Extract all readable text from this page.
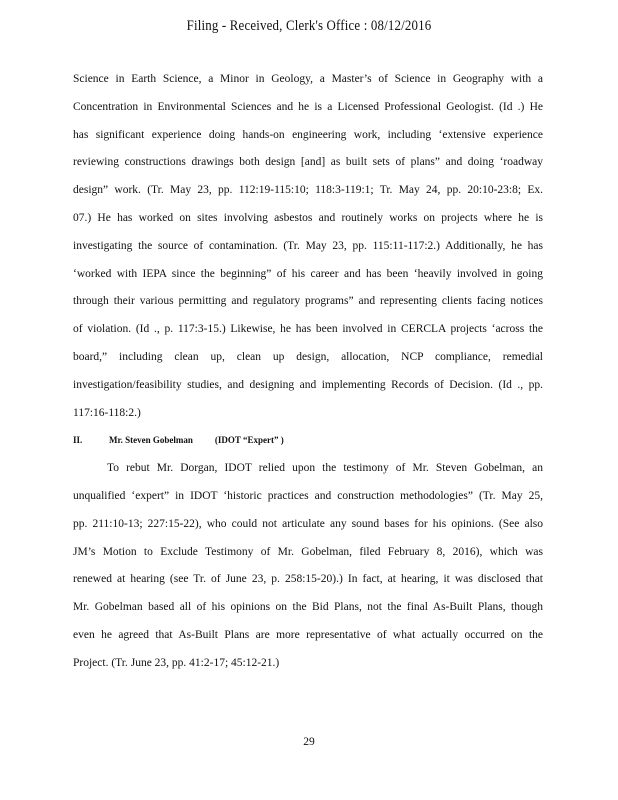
Filing - Received, Clerk's Office : 08/12/2016
Science in Earth Science, a Minor in Geology, a Master’s of Science in Geography with a
Concentration in Environmental Sciences and he is a Licensed Professional Geologist. (Id .) He
has significant experience doing hands-on engineering work, including ‘extensive experience
reviewing constructions drawings both design [and] as built sets of plans” and doing ‘roadway
design” work. (Tr. May 23, pp. 112:19-115:10; 118:3-119:1; Tr. May 24, pp. 20:10-23:8; Ex.
07.) He has worked on sites involving asbestos and routinely works on projects where he is
investigating the source of contamination. (Tr. May 23, pp. 115:11-117:2.) Additionally, he has
‘worked with IEPA since the beginning” of his career and has been ‘heavily involved in going
through their various permitting and regulatory programs” and representing clients facing notices
of violation. (Id ., p. 117:3-15.) Likewise, he has been involved in CERCLA projects ‘across the
board,” including clean up, clean up design, allocation, NCP compliance, remedial
investigation/feasibility studies, and designing and implementing Records of Decision. (Id ., pp.
117:16-118:2.)
II.	Mr. Steven Gobelman (IDOT “Expert” )
To rebut Mr. Dorgan, IDOT relied upon the testimony of Mr. Steven Gobelman, an
unqualified ‘expert” in IDOT ‘historic practices and construction methodologies” (Tr. May 25,
pp. 211:10-13; 227:15-22), who could not articulate any sound bases for his opinions. (See also
JM’s Motion to Exclude Testimony of Mr. Gobelman, filed February 8, 2016), which was
renewed at hearing (see Tr. of June 23, p. 258:15-20).) In fact, at hearing, it was disclosed that
Mr. Gobelman based all of his opinions on the Bid Plans, not the final As-Built Plans, though
even he agreed that As-Built Plans are more representative of what actually occurred on the
Project. (Tr. June 23, pp. 41:2-17; 45:12-21.)
29
